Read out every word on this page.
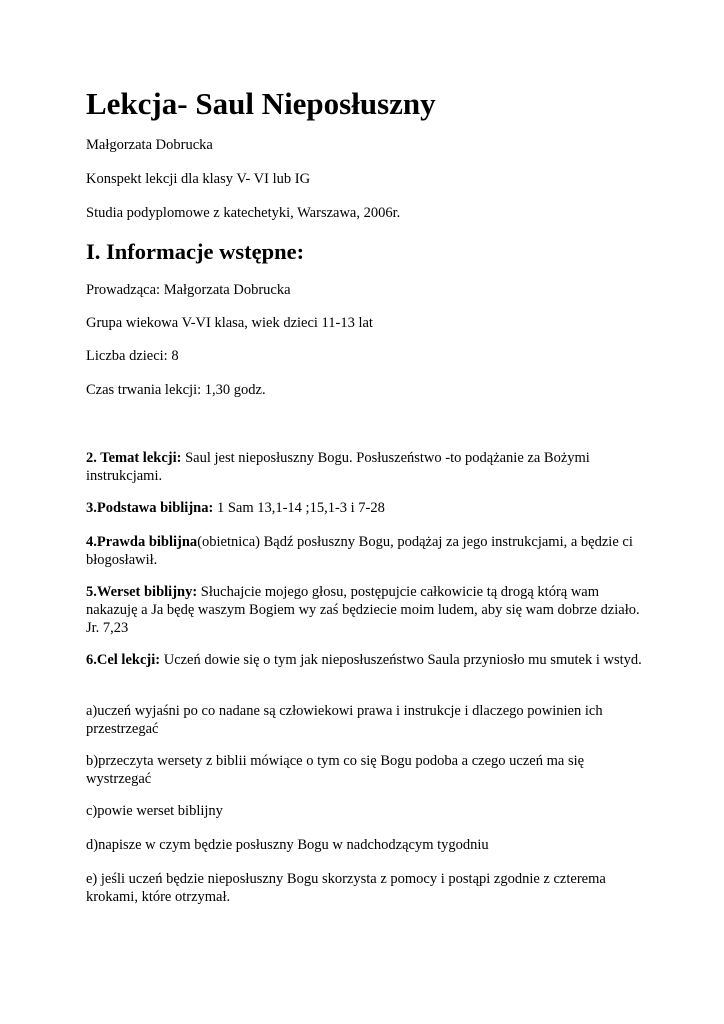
Lekcja- Saul Nieposłuszny

Małgorzata Dobrucka

Konspekt lekcji dla klasy V- VI lub IG

Studia podyplomowe z katechetyki, Warszawa, 2006r.

I. Informacje wstępne:

Prowadząca: Małgorzata Dobrucka

Grupa wiekowa V-VI klasa, wiek dzieci 11-13 lat

Liczba dzieci: 8

Czas trwania lekcji: 1,30 godz.

2. Temat lekcji: Saul jest nieposłuszny Bogu. Posłuszeństwo -to podążanie za Bożymi instrukcjami.

3.Podstawa biblijna: 1 Sam 13,1-14 ;15,1-3 i 7-28

4.Prawda biblijna(obietnica) Bądź posłuszny Bogu, podążaj za jego instrukcjami, a będzie ci błogosławił.

5.Werset biblijny: Słuchajcie mojego głosu, postępujcie całkowicie tą drogą którą wam nakazuję a Ja będę waszym Bogiem wy zaś będziecie moim ludem, aby się wam dobrze działo. Jr. 7,23

6.Cel lekcji: Uczeń dowie się o tym jak nieposłuszeństwo Saula przyniosło mu smutek i wstyd.

a)uczeń wyjaśni po co nadane są człowiekowi prawa i instrukcje i dlaczego powinien ich przestrzegać

b)przeczyta wersety z biblii mówiące o tym co się Bogu podoba a czego uczeń ma się wystrzegać

c)powie werset biblijny

d)napisze w czym będzie posłuszny Bogu w nadchodzącym tygodniu

e) jeśli uczeń będzie nieposłuszny Bogu skorzysta z pomocy i postąpi zgodnie z czterema krokami, które otrzymał.
